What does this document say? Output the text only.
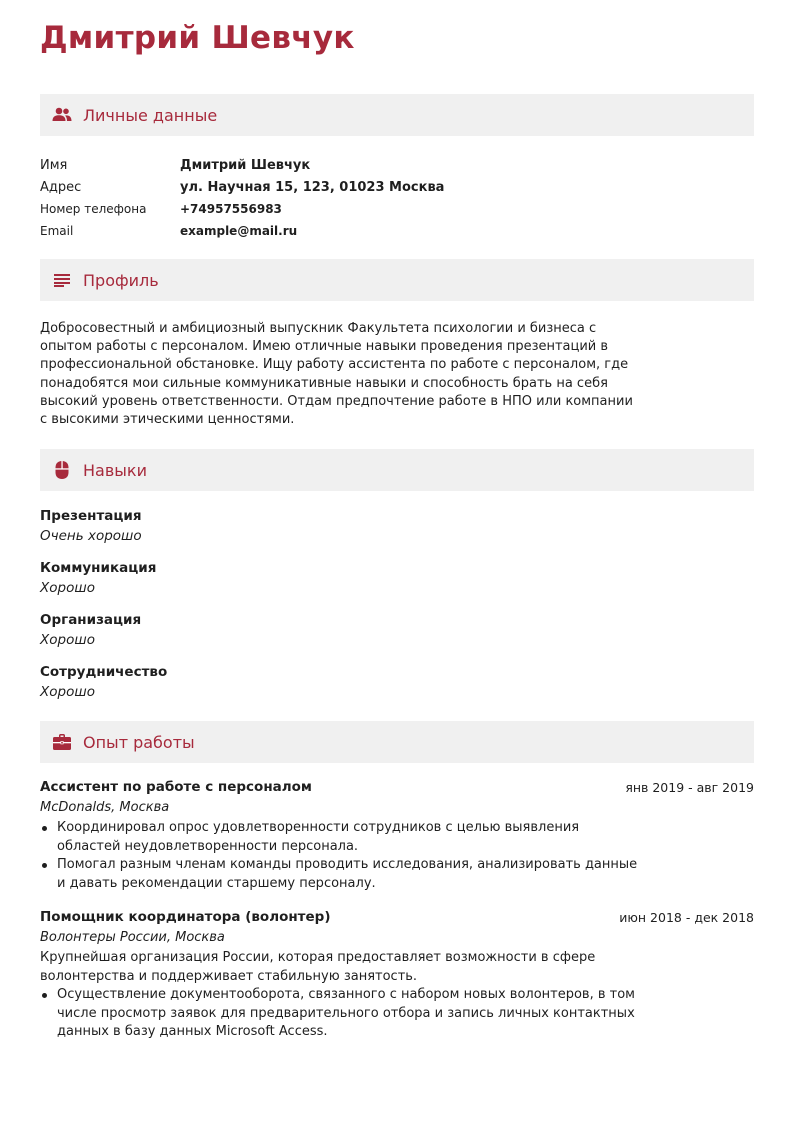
Дмитрий Шевчук
Личные данные
Имя	Дмитрий Шевчук
Адрес	ул. Научная 15, 123, 01023 Москва
Номер телефона	+74957556983
Email	example@mail.ru
Профиль
Добросовестный и амбициозный выпускник Факультета психологии и бизнеса с опытом работы с персоналом. Имею отличные навыки проведения презентаций в профессиональной обстановке. Ищу работу ассистента по работе с персоналом, где понадобятся мои сильные коммуникативные навыки и способность брать на себя высокий уровень ответственности. Отдам предпочтение работе в НПО или компании с высокими этическими ценностями.
Навыки
Презентация
Очень хорошо
Коммуникация
Хорошо
Организация
Хорошо
Сотрудничество
Хорошо
Опыт работы
Ассистент по работе с персоналом	янв 2019 - авг 2019
McDonalds, Москва
Координировал опрос удовлетворенности сотрудников с целью выявления областей неудовлетворенности персонала.
Помогал разным членам команды проводить исследования, анализировать данные и давать рекомендации старшему персоналу.
Помощник координатора (волонтер)	июн 2018 - дек 2018
Волонтеры России, Москва
Крупнейшая организация России, которая предоставляет возможности в сфере волонтерства и поддерживает стабильную занятость.
Осуществление документооборота, связанного с набором новых волонтеров, в том числе просмотр заявок для предварительного отбора и запись личных контактных данных в базу данных Microsoft Access.
